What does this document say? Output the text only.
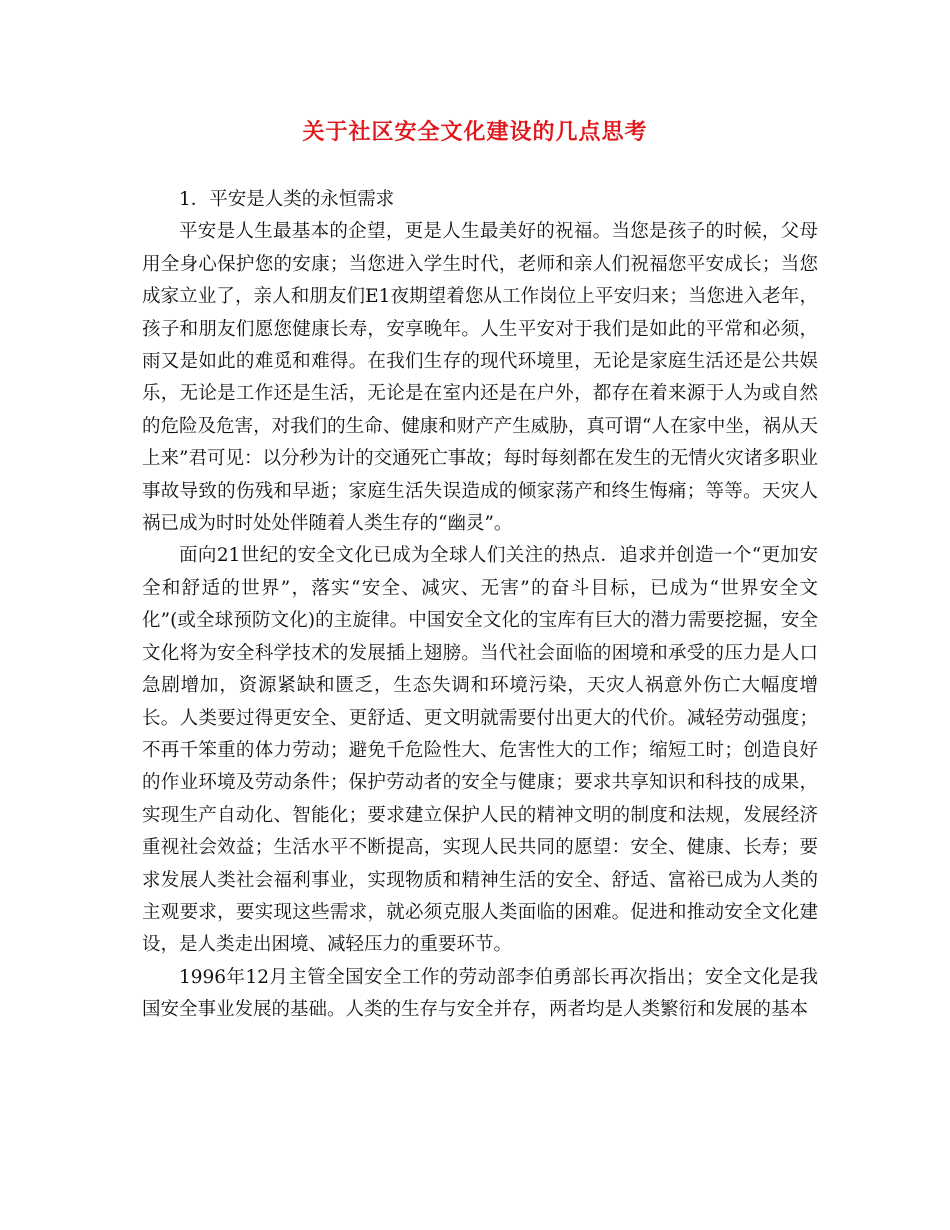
关于社区安全文化建设的几点思考

1．平安是人类的永恒需求

平安是人生最基本的企望，更是人生最美好的祝福。当您是孩子的时候，父母用全身心保护您的安康；当您进入学生时代，老师和亲人们祝福您平安成长；当您成家立业了，亲人和朋友们E1夜期望着您从工作岗位上平安归来；当您进入老年，孩子和朋友们愿您健康长寿，安享晚年。人生平安对于我们是如此的平常和必须，雨又是如此的难觅和难得。在我们生存的现代环境里，无论是家庭生活还是公共娱乐，无论是工作还是生活，无论是在室内还是在户外，都存在着来源于人为或自然的危险及危害，对我们的生命、健康和财产产生威胁，真可谓“人在家中坐，祸从天上来”君可见：以分秒为计的交通死亡事故；每时每刻都在发生的无情火灾诸多职业事故导致的伤残和早逝；家庭生活失误造成的倾家荡产和终生悔痛；等等。天灾人祸已成为时时处处伴随着人类生存的“幽灵”。

面向21世纪的安全文化已成为全球人们关注的热点．追求并创造一个“更加安全和舒适的世界”，落实“安全、减灾、无害”的奋斗目标，已成为“世界安全文化”(或全球预防文化)的主旋律。中国安全文化的宝库有巨大的潜力需要挖掘，安全文化将为安全科学技术的发展插上翅膀。当代社会面临的困境和承受的压力是人口急剧增加，资源紧缺和匮乏，生态失调和环境污染，天灾人祸意外伤亡大幅度增长。人类要过得更安全、更舒适、更文明就需要付出更大的代价。减轻劳动强度；不再千笨重的体力劳动；避免千危险性大、危害性大的工作；缩短工时；创造良好的作业环境及劳动条件；保护劳动者的安全与健康；要求共享知识和科技的成果，实现生产自动化、智能化；要求建立保护人民的精神文明的制度和法规，发展经济重视社会效益；生活水平不断提高，实现人民共同的愿望：安全、健康、长寿；要求发展人类社会福利事业，实现物质和精神生活的安全、舒适、富裕已成为人类的主观要求，要实现这些需求，就必须克服人类面临的困难。促进和推动安全文化建设，是人类走出困境、减轻压力的重要环节。

1996年12月主管全国安全工作的劳动部李伯勇部长再次指出；安全文化是我国安全事业发展的基础。人类的生存与安全并存，两者均是人类繁衍和发展的基本
